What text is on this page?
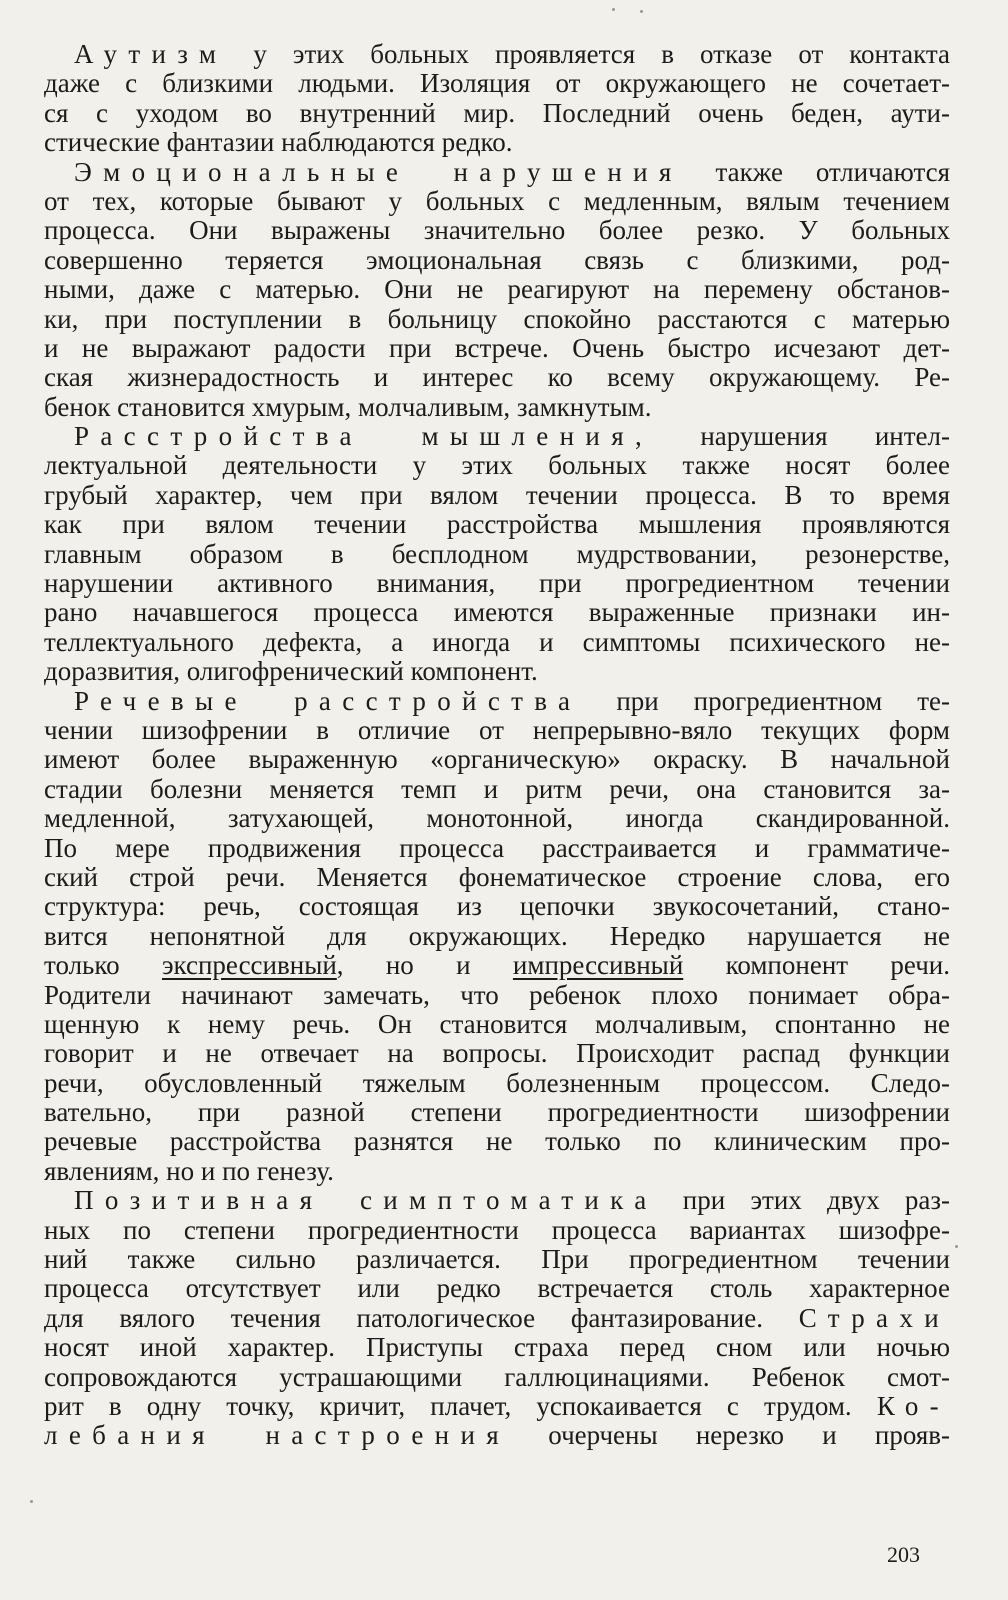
Аутизм у этих больных проявляется в отказе от контакта
даже с близкими людьми. Изоляция от окружающего не сочетает-
ся с уходом во внутренний мир. Последний очень беден, аути-
стические фантазии наблюдаются редко.
Эмоциональные нарушения также отличаются
от тех, которые бывают у больных с медленным, вялым течением
процесса. Они выражены значительно более резко. У больных
совершенно теряется эмоциональная связь с близкими, род-
ными, даже с матерью. Они не реагируют на перемену обстанов-
ки, при поступлении в больницу спокойно расстаются с матерью
и не выражают радости при встрече. Очень быстро исчезают дет-
ская жизнерадостность и интерес ко всему окружающему. Ре-
бенок становится хмурым, молчаливым, замкнутым.
Расстройства мышления, нарушения интел-
лектуальной деятельности у этих больных также носят более
грубый характер, чем при вялом течении процесса. В то время
как при вялом течении расстройства мышления проявляются
главным образом в бесплодном мудрствовании, резонерстве,
нарушении активного внимания, при прогредиентном течении
рано начавшегося процесса имеются выраженные признаки ин-
теллектуального дефекта, а иногда и симптомы психического не-
доразвития, олигофренический компонент.
Речевые расстройства при прогредиентном те-
чении шизофрении в отличие от непрерывно-вяло текущих форм
имеют более выраженную «органическую» окраску. В начальной
стадии болезни меняется темп и ритм речи, она становится за-
медленной, затухающей, монотонной, иногда скандированной.
По мере продвижения процесса расстраивается и грамматиче-
ский строй речи. Меняется фонематическое строение слова, его
структура: речь, состоящая из цепочки звукосочетаний, стано-
вится непонятной для окружающих. Нередко нарушается не
только экспрессивный, но и импрессивный компонент речи.
Родители начинают замечать, что ребенок плохо понимает обра-
щенную к нему речь. Он становится молчаливым, спонтанно не
говорит и не отвечает на вопросы. Происходит распад функции
речи, обусловленный тяжелым болезненным процессом. Следо-
вательно, при разной степени прогредиентности шизофрении
речевые расстройства разнятся не только по клиническим про-
явлениям, но и по генезу.
Позитивная симптоматика при этих двух раз-
ных по степени прогредиентности процесса вариантах шизофре-
ний также сильно различается. При прогредиентном течении
процесса отсутствует или редко встречается столь характерное
для вялого течения патологическое фантазирование. Страхи
носят иной характер. Приступы страха перед сном или ночью
сопровождаются устрашающими галлюцинациями. Ребенок смот-
рит в одну точку, кричит, плачет, успокаивается с трудом. Ко-
лебания настроения очерчены нерезко и прояв-
203
